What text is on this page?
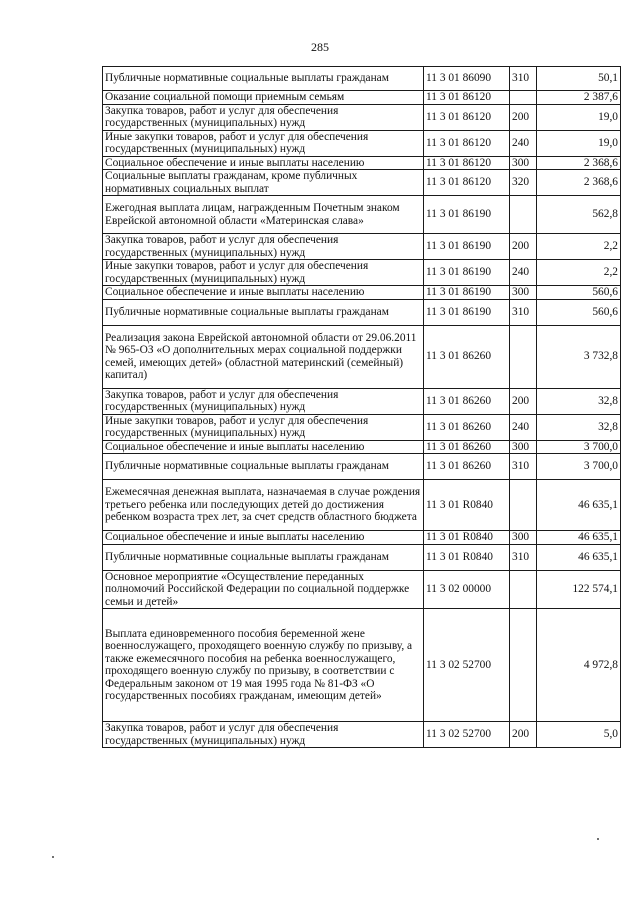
285
Публичные нормативные социальные выплаты гражданам	11 3 01 86090	310	50,1
Оказание социальной помощи приемным семьям	11 3 01 86120		2 387,6
Закупка товаров, работ и услуг для обеспечения государственных (муниципальных) нужд	11 3 01 86120	200	19,0
Иные закупки товаров, работ и услуг для обеспечения государственных (муниципальных) нужд	11 3 01 86120	240	19,0
Социальное обеспечение и иные выплаты населению	11 3 01 86120	300	2 368,6
Социальные выплаты гражданам, кроме публичных нормативных социальных выплат	11 3 01 86120	320	2 368,6
Ежегодная выплата лицам, награжденным Почетным знаком Еврейской автономной области «Материнская слава»	11 3 01 86190		562,8
Закупка товаров, работ и услуг для обеспечения государственных (муниципальных) нужд	11 3 01 86190	200	2,2
Иные закупки товаров, работ и услуг для обеспечения государственных (муниципальных) нужд	11 3 01 86190	240	2,2
Социальное обеспечение и иные выплаты населению	11 3 01 86190	300	560,6
Публичные нормативные социальные выплаты гражданам	11 3 01 86190	310	560,6
Реализация закона Еврейской автономной области от 29.06.2011 № 965-ОЗ «О дополнительных мерах социальной поддержки семей, имеющих детей» (областной материнский (семейный) капитал)	11 3 01 86260		3 732,8
Закупка товаров, работ и услуг для обеспечения государственных (муниципальных) нужд	11 3 01 86260	200	32,8
Иные закупки товаров, работ и услуг для обеспечения государственных (муниципальных) нужд	11 3 01 86260	240	32,8
Социальное обеспечение и иные выплаты населению	11 3 01 86260	300	3 700,0
Публичные нормативные социальные выплаты гражданам	11 3 01 86260	310	3 700,0
Ежемесячная денежная выплата, назначаемая в случае рождения третьего ребенка или последующих детей до достижения ребенком возраста трех лет, за счет средств областного бюджета	11 3 01 R0840		46 635,1
Социальное обеспечение и иные выплаты населению	11 3 01 R0840	300	46 635,1
Публичные нормативные социальные выплаты гражданам	11 3 01 R0840	310	46 635,1
Основное мероприятие «Осуществление переданных полномочий Российской Федерации по социальной поддержке семьи и детей»	11 3 02 00000		122 574,1
Выплата единовременного пособия беременной жене военнослужащего, проходящего военную службу по призыву, а также ежемесячного пособия на ребенка военнослужащего, проходящего военную службу по призыву, в соответствии с Федеральным законом от 19 мая 1995 года № 81-ФЗ «О государственных пособиях гражданам, имеющим детей»	11 3 02 52700		4 972,8
Закупка товаров, работ и услуг для обеспечения государственных (муниципальных) нужд	11 3 02 52700	200	5,0
